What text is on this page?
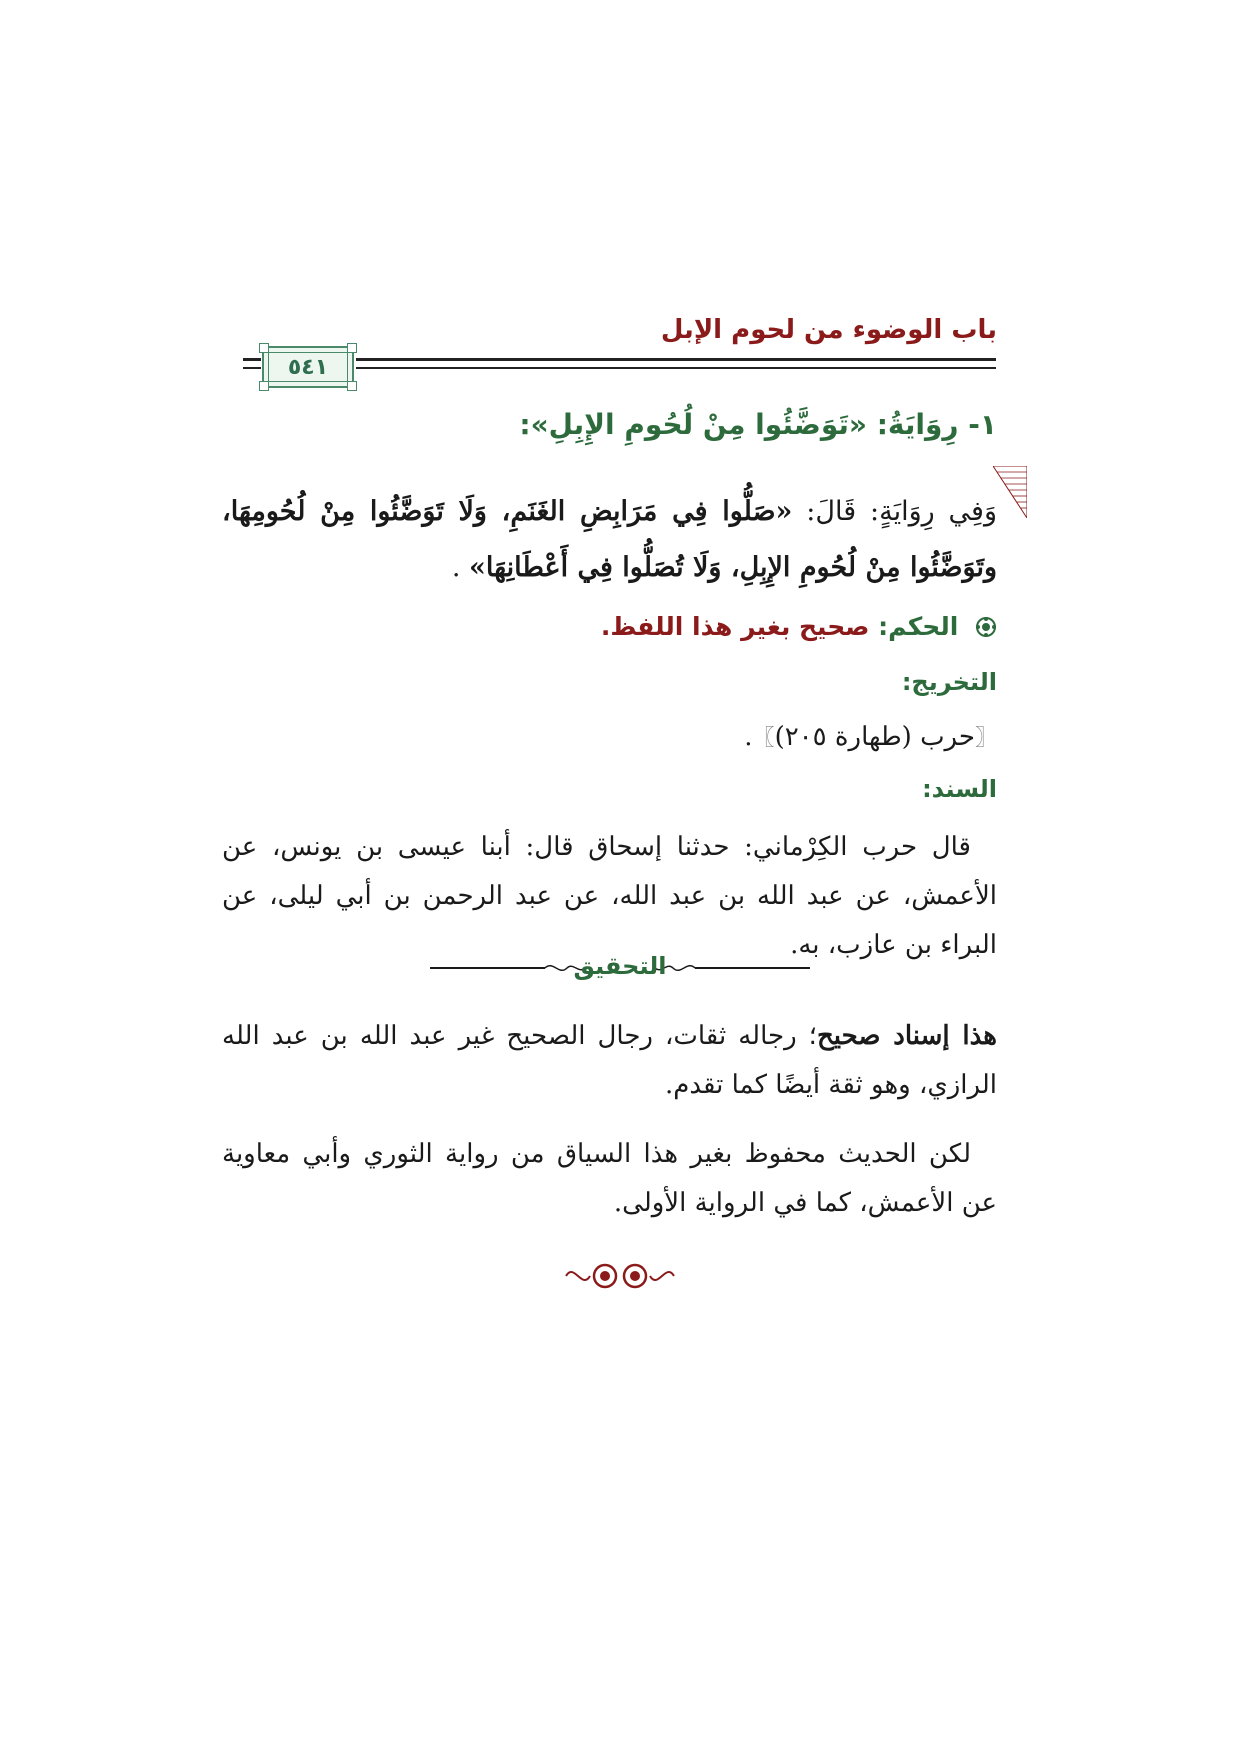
باب الوضوء من لحوم الإبل
٥٤١
١- رِوَايَةُ: «تَوَضَّئُوا مِنْ لُحُومِ الإِبِلِ»:
وَفِي رِوَايَةٍ: قَالَ: «صَلُّوا فِي مَرَابِضِ الغَنَمِ، وَلَا تَوَضَّئُوا مِنْ لُحُومِهَا، وتَوَضَّئُوا مِنْ لُحُومِ الإِبِلِ، وَلَا تُصَلُّوا فِي أَعْطَانِهَا» .
الحكم: صحيح بغير هذا اللفظ.
التخريج:
〖حرب (طهارة ٢٠٥)〗.
السند:
قال حرب الكِرْماني: حدثنا إسحاق قال: أبنا عيسى بن يونس، عن الأعمش، عن عبد الله بن عبد الله، عن عبد الرحمن بن أبي ليلى، عن البراء بن عازب، به.
التحقيق
هذا إسناد صحيح؛ رجاله ثقات، رجال الصحيح غير عبد الله بن عبد الله الرازي، وهو ثقة أيضًا كما تقدم.
لكن الحديث محفوظ بغير هذا السياق من رواية الثوري وأبي معاوية عن الأعمش، كما في الرواية الأولى.
